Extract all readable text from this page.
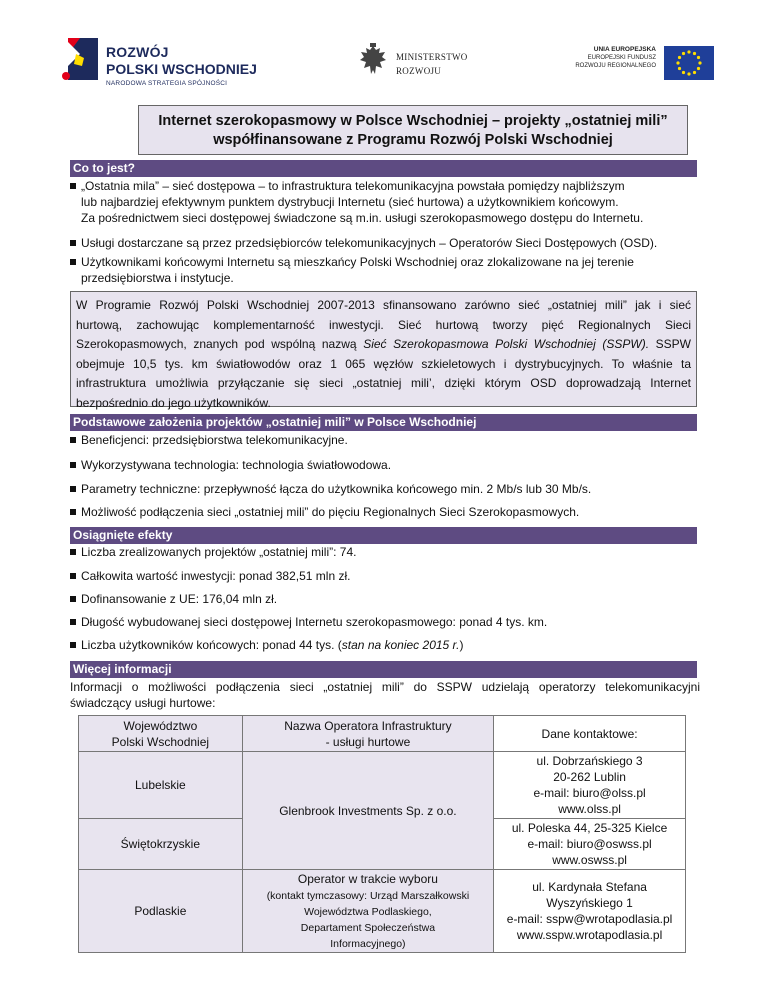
ROZWÓJ
POLSKI WSCHODNIEJ
NARODOWA STRATEGIA SPÓJNOŚCI
MINISTERSTWO
ROZWOJU
UNIA EUROPEJSKA
EUROPEJSKI FUNDUSZ
ROZWOJU REGIONALNEGO
Internet szerokopasmowy w Polsce Wschodniej – projekty „ostatniej mili”
współfinansowane z Programu Rozwój Polski Wschodniej
Co to jest?
„Ostatnia mila” – sieć dostępowa – to infrastruktura telekomunikacyjna powstała pomiędzy najbliższym
lub najbardziej efektywnym punktem dystrybucji Internetu (sieć hurtowa) a użytkownikiem końcowym.
Za pośrednictwem sieci dostępowej świadczone są m.in. usługi szerokopasmowego dostępu do Internetu.
Usługi dostarczane są przez przedsiębiorców telekomunikacyjnych – Operatorów Sieci Dostępowych (OSD).
Użytkownikami końcowymi Internetu są mieszkańcy Polski Wschodniej oraz zlokalizowane na jej terenie
przedsiębiorstwa i instytucje.
W Programie Rozwój Polski Wschodniej 2007-2013 sfinansowano zarówno sieć „ostatniej mili” jak i sieć
hurtową, zachowując komplementarność inwestycji. Sieć hurtową tworzy pięć Regionalnych Sieci
Szerokopasmowych, znanych pod wspólną nazwą Sieć Szerokopasmowa Polski Wschodniej (SSPW). SSPW
obejmuje 10,5 tys. km światłowodów oraz 1 065 węzłów szkieletowych i dystrybucyjnych. To właśnie ta
infrastruktura umożliwia przyłączanie się sieci „ostatniej mili’, dzięki którym OSD doprowadzają Internet
bezpośrednio do jego użytkowników.
Podstawowe założenia projektów „ostatniej mili” w Polsce Wschodniej
Beneficjenci: przedsiębiorstwa telekomunikacyjne.
Wykorzystywana technologia: technologia światłowodowa.
Parametry techniczne: przepływność łącza do użytkownika końcowego min. 2 Mb/s lub 30 Mb/s.
Możliwość podłączenia sieci „ostatniej mili” do pięciu Regionalnych Sieci Szerokopasmowych.
Osiągnięte efekty
Liczba zrealizowanych projektów „ostatniej mili”: 74.
Całkowita wartość inwestycji: ponad 382,51 mln zł.
Dofinansowanie z UE: 176,04 mln zł.
Długość wybudowanej sieci dostępowej Internetu szerokopasmowego: ponad 4 tys. km.
Liczba użytkowników końcowych: ponad 44 tys. (stan na koniec 2015 r.)
Więcej informacji
Informacji o możliwości podłączenia sieci „ostatniej mili” do SSPW udzielają operatorzy telekomunikacyjni
świadczący usługi hurtowe:
Województwo
Polski Wschodniej	Nazwa Operatora Infrastruktury
- usługi hurtowe	Dane kontaktowe:
Lubelskie	Glenbrook Investments Sp. z o.o.	ul. Dobrzańskiego 3
20-262 Lublin
e-mail: biuro@olss.pl
www.olss.pl
Świętokrzyskie		ul. Poleska 44, 25-325 Kielce
e-mail: biuro@oswss.pl
www.oswss.pl
Podlaskie	Operator w trakcie wyboru
(kontakt tymczasowy: Urząd Marszałkowski
Województwa Podlaskiego,
Departament Społeczeństwa
Informacyjnego)	ul. Kardynała Stefana
Wyszyńskiego 1
e-mail: sspw@wrotapodlasia.pl
www.sspw.wrotapodlasia.pl
